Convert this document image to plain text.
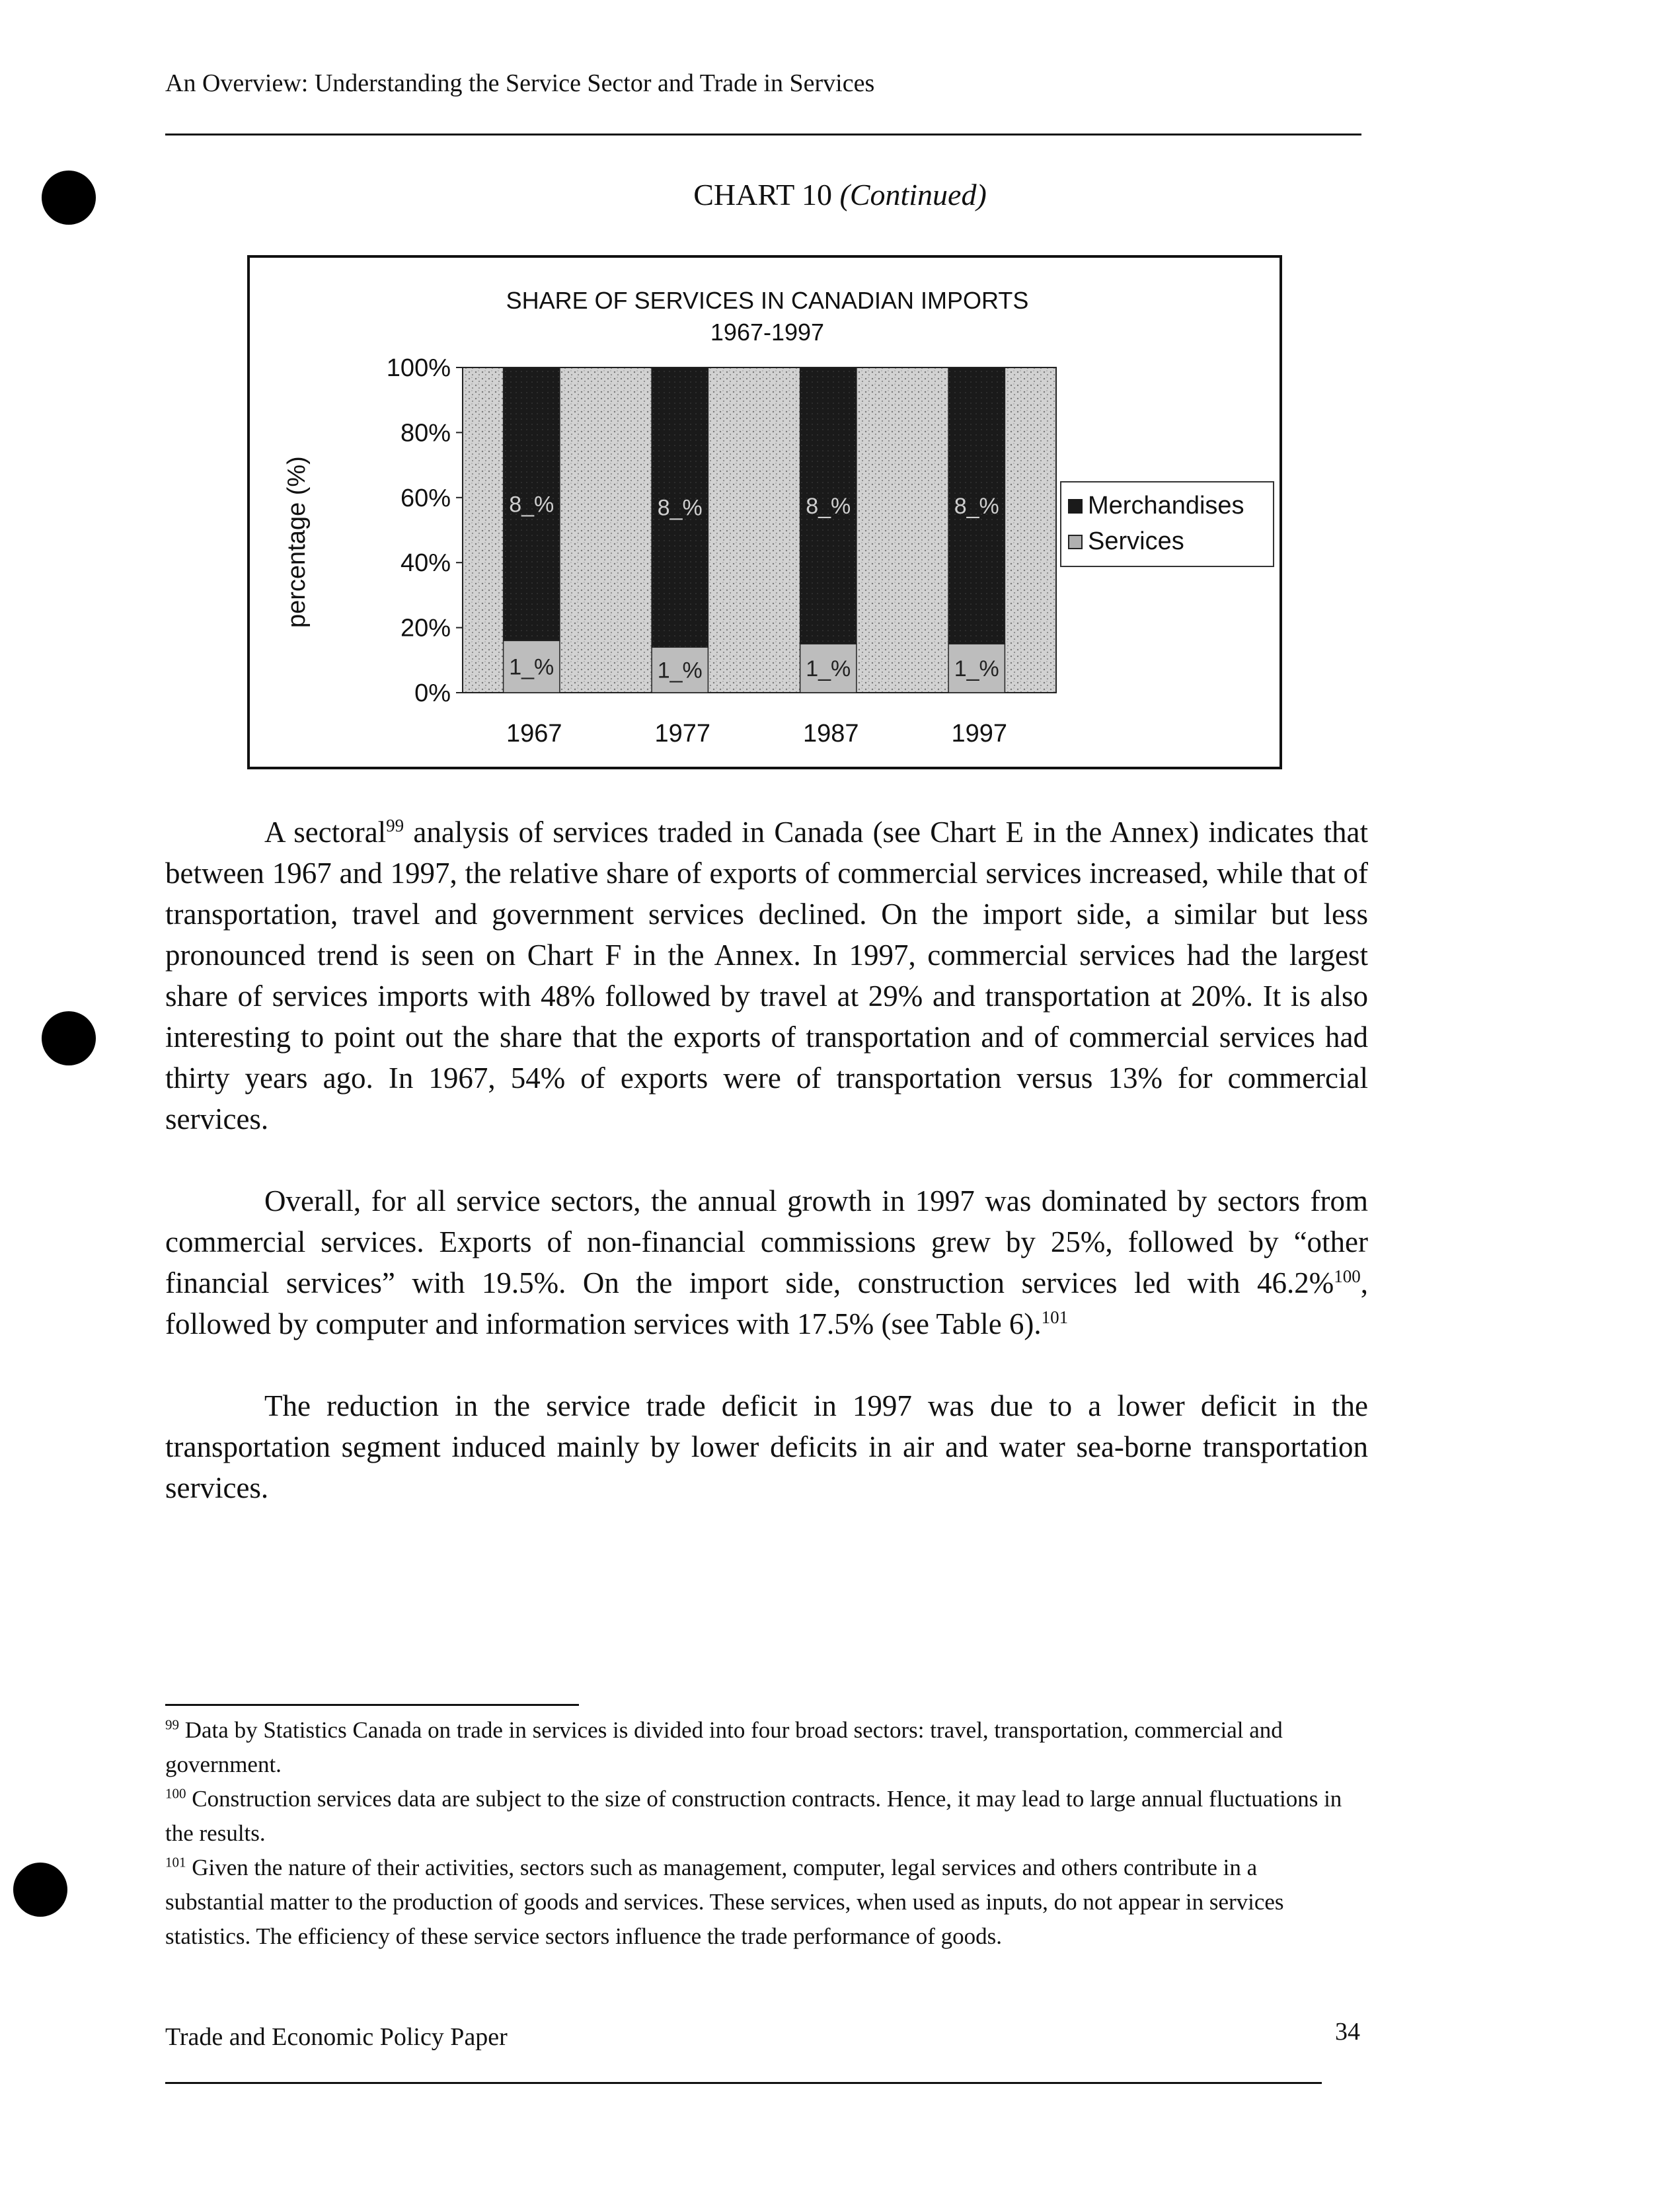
An Overview: Understanding the Service Sector and Trade in Services
CHART 10 (Continued)
SHARE OF SERVICES IN CANADIAN IMPORTS
1967-1997
percentage (%)
100%
80%
60%
40%
20%
0%
1_%
8_%
1_%
8_%
1_%
8_%
1_%
8_%
1967	1977	1987	1997
Merchandises
Services

A sectoral$^{99}$ analysis of services traded in Canada (see Chart E in the Annex) indicates that between 1967 and 1997, the relative share of exports of commercial services increased, while that of transportation, travel and government services declined. On the import side, a similar but less pronounced trend is seen on Chart F in the Annex. In 1997, commercial services had the largest share of services imports with 48% followed by travel at 29% and transportation at 20%. It is also interesting to point out the share that the exports of transportation and of commercial services had thirty years ago. In 1967, 54% of exports were of transportation versus 13% for commercial services.

Overall, for all service sectors, the annual growth in 1997 was dominated by sectors from commercial services. Exports of non-financial commissions grew by 25%, followed by “other financial services” with 19.5%. On the import side, construction services led with 46.2%$^{100}$, followed by computer and information services with 17.5% (see Table 6).$^{101}$

The reduction in the service trade deficit in 1997 was due to a lower deficit in the transportation segment induced mainly by lower deficits in air and water sea-borne transportation services.

$^{99}$ Data by Statistics Canada on trade in services is divided into four broad sectors: travel, transportation, commercial and government.

$^{100}$ Construction services data are subject to the size of construction contracts. Hence, it may lead to large annual fluctuations in the results.

$^{101}$ Given the nature of their activities, sectors such as management, computer, legal services and others contribute in a substantial matter to the production of goods and services. These services, when used as inputs, do not appear in services statistics. The efficiency of these service sectors influence the trade performance of goods.

Trade and Economic Policy Paper	34
